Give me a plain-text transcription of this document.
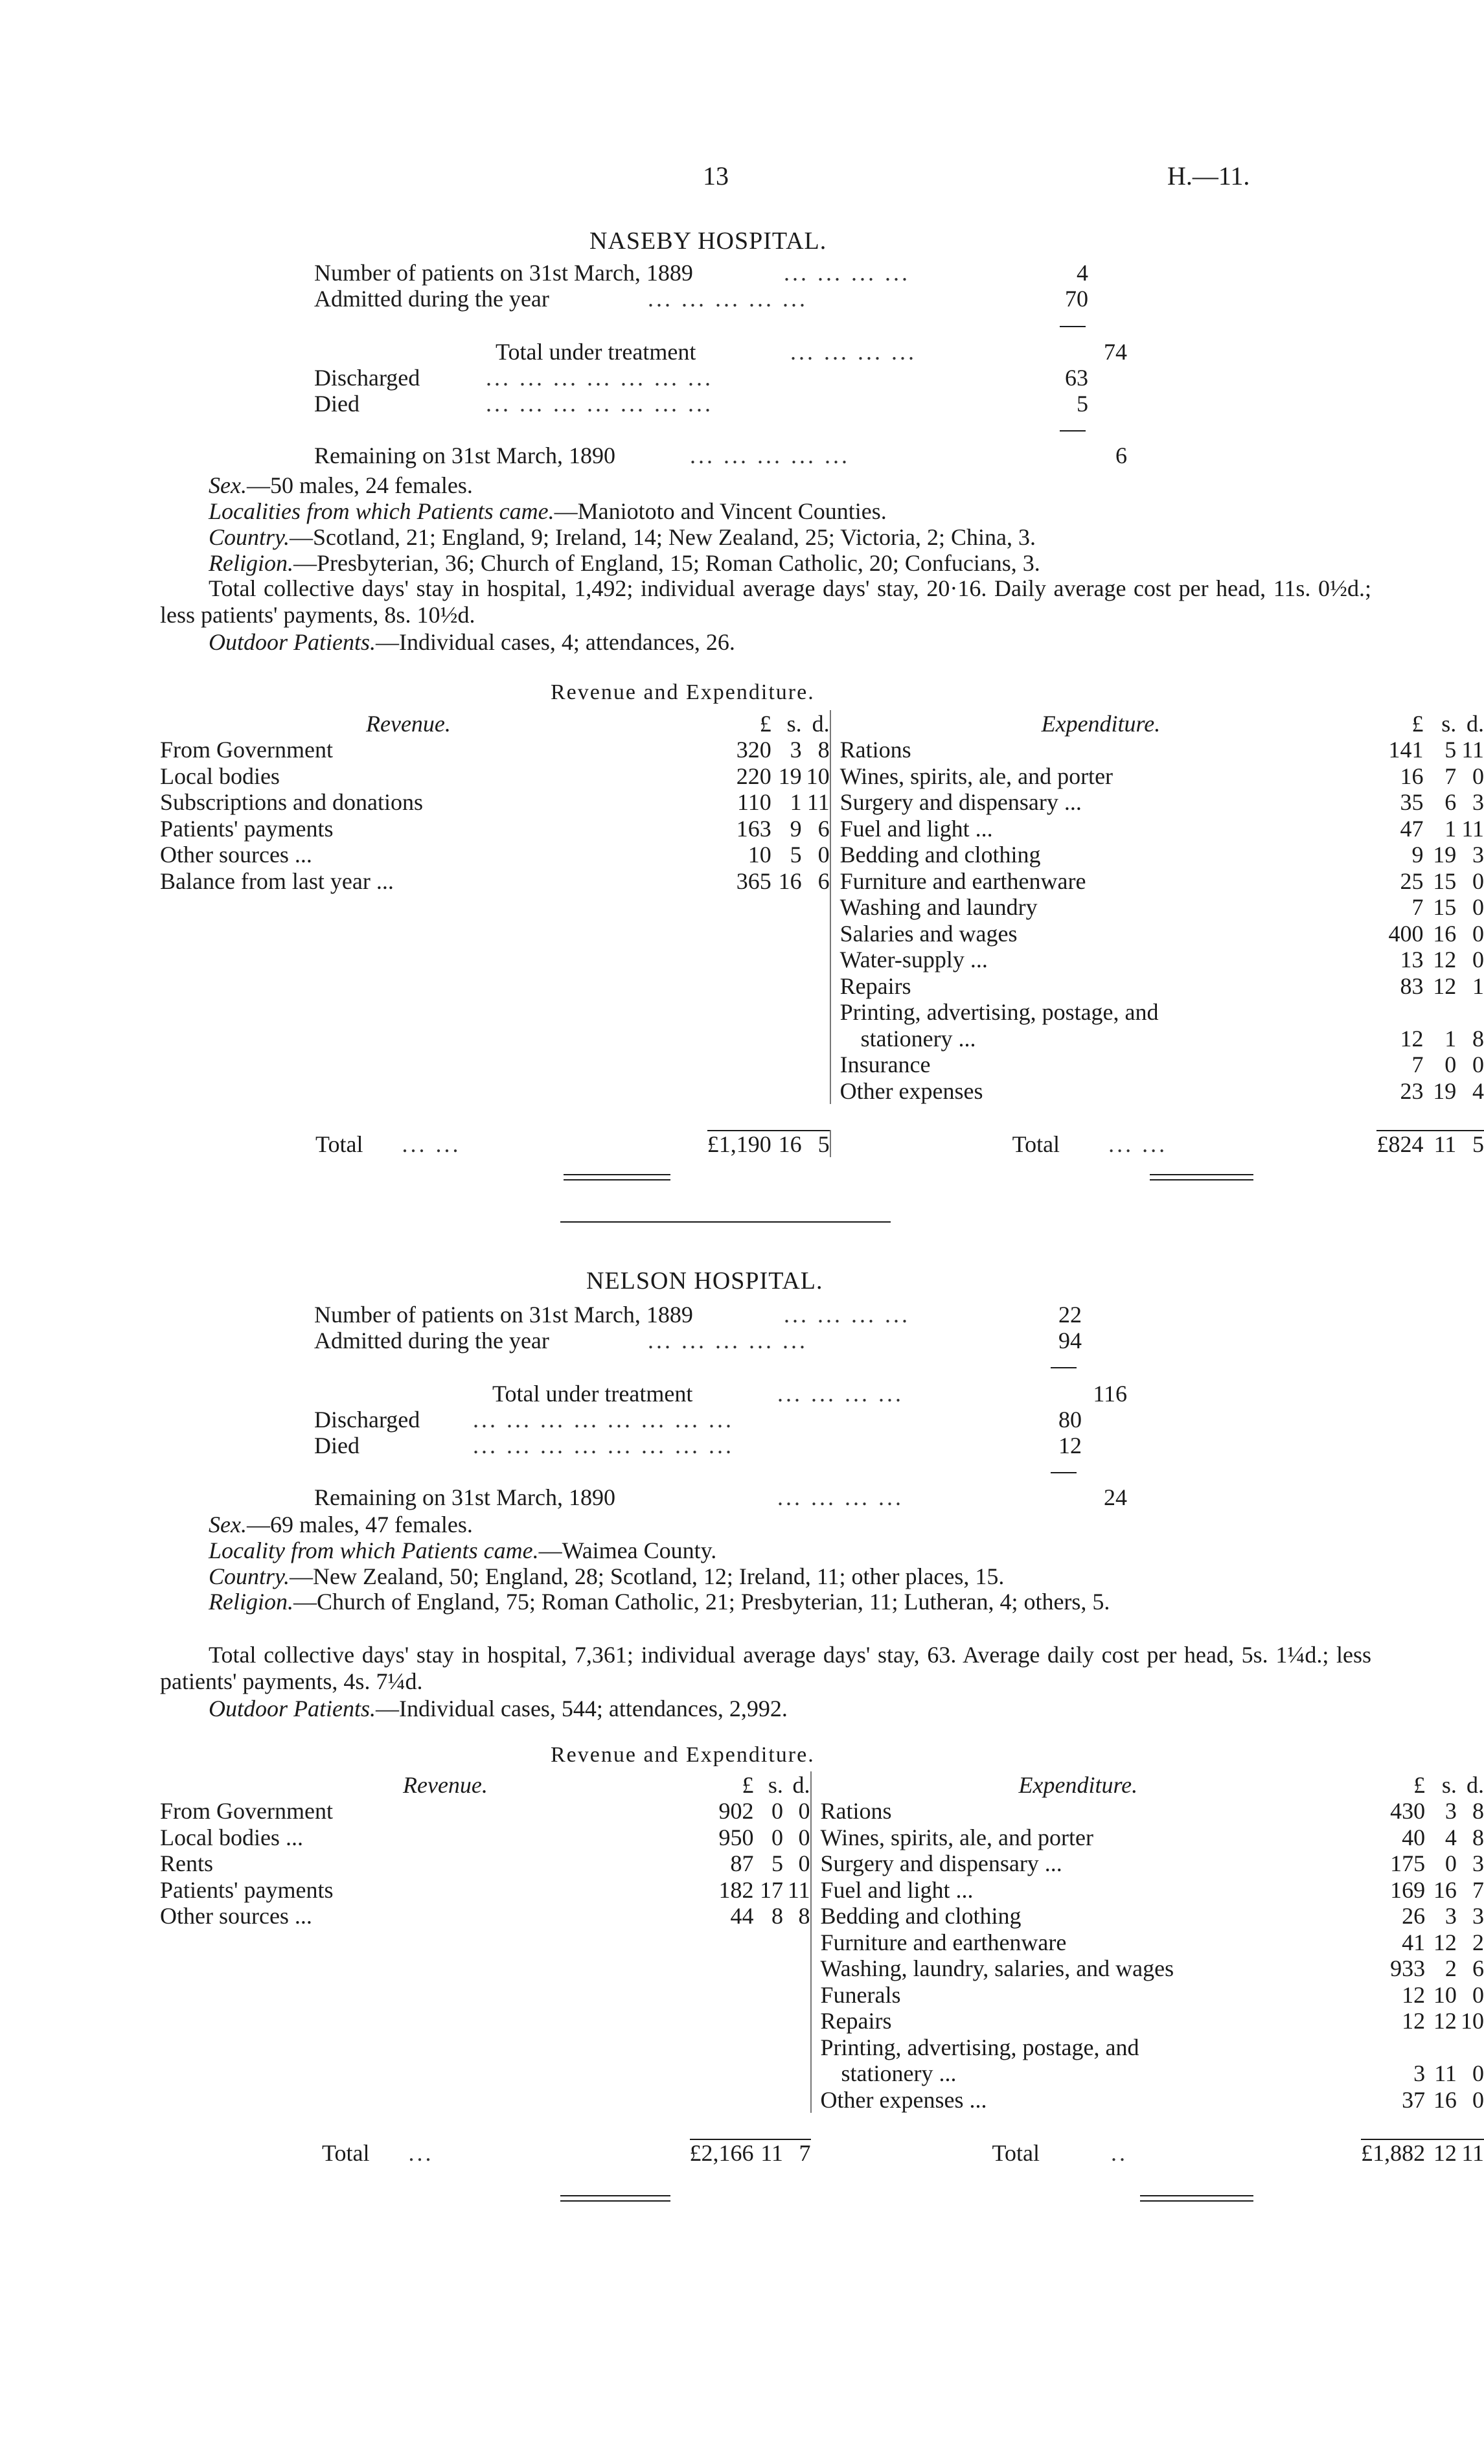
13	H.—11.
NASEBY HOSPITAL.
Number of patients on 31st March, 1889	... ... ... ...	4
Admitted during the year	... ... ... ... ...	70
Total under treatment	... ... ... ...	74
Discharged	... ... ... ... ... ... ...	63
Died	... ... ... ... ... ... ...	5
Remaining on 31st March, 1890	... ... ... ... ...	6
Sex.—50 males, 24 females.
Localities from which Patients came.—Maniototo and Vincent Counties.
Country.—Scotland, 21; England, 9; Ireland, 14; New Zealand, 25; Victoria, 2; China, 3.
Religion.—Presbyterian, 36; Church of England, 15; Roman Catholic, 20; Confucians, 3.
Total collective days' stay in hospital, 1,492; individual average days' stay, 20·16. Daily average cost per head, 11s. 0½d.; less patients' payments, 8s. 10½d.
Outdoor Patients.—Individual cases, 4; attendances, 26.
Revenue and Expenditure.
Revenue.	£	s.	d.	Expenditure.	£	s.	d.
From Government	320	3	8	Rations	141	5	11
Local bodies	220	19	10	Wines, spirits, ale, and porter	16	7	0
Subscriptions and donations	110	1	11	Surgery and dispensary ...	35	6	3
Patients' payments	163	9	6	Fuel and light ...	47	1	11
Other sources ...	10	5	0	Bedding and clothing	9	19	3
Balance from last year ...	365	16	6	Furniture and earthenware	25	15	0
				Washing and laundry	7	15	0
				Salaries and wages	400	16	0
				Water-supply ...	13	12	0
				Repairs	83	12	1
				Printing, advertising, postage, and			
				stationery ...	12	1	8
				Insurance	7	0	0
				Other expenses	23	19	4

Total ... ...	£1,190	16	5	Total ... ...	£824	11	5
NELSON HOSPITAL.
Number of patients on 31st March, 1889	... ... ... ...	22
Admitted during the year	... ... ... ... ...	94
Total under treatment	... ... ... ...	116
Discharged ... ... ... ... ... ... ... ...	80
Died	... ... ... ... ... ... ... ...	12
Remaining on 31st March, 1890	... ... ... ...	24
Sex.—69 males, 47 females.
Locality from which Patients came.—Waimea County.
Country.—New Zealand, 50; England, 28; Scotland, 12; Ireland, 11; other places, 15.
Religion.—Church of England, 75; Roman Catholic, 21; Presbyterian, 11; Lutheran, 4; others, 5.
Total collective days' stay in hospital, 7,361; individual average days' stay, 63. Average daily cost per head, 5s. 1¼d.; less patients' payments, 4s. 7¼d.
Outdoor Patients.—Individual cases, 544; attendances, 2,992.
Revenue and Expenditure.
Revenue.	£	s.	d.	Expenditure.	£	s.	d.
From Government	902	0	0	Rations	430	3	8
Local bodies ...	950	0	0	Wines, spirits, ale, and porter	40	4	8
Rents	87	5	0	Surgery and dispensary ...	175	0	3
Patients' payments	182	17	11	Fuel and light ...	169	16	7
Other sources ...	44	8	8	Bedding and clothing	26	3	3
				Furniture and earthenware	41	12	2
				Washing, laundry, salaries, and wages	933	2	6
				Funerals	12	10	0
				Repairs	12	12	10
				Printing, advertising, postage, and			
				stationery ...	3	11	0
				Other expenses ...	37	16	0

Total ...	£2,166	11	7	Total ..	£1,882	12	11
